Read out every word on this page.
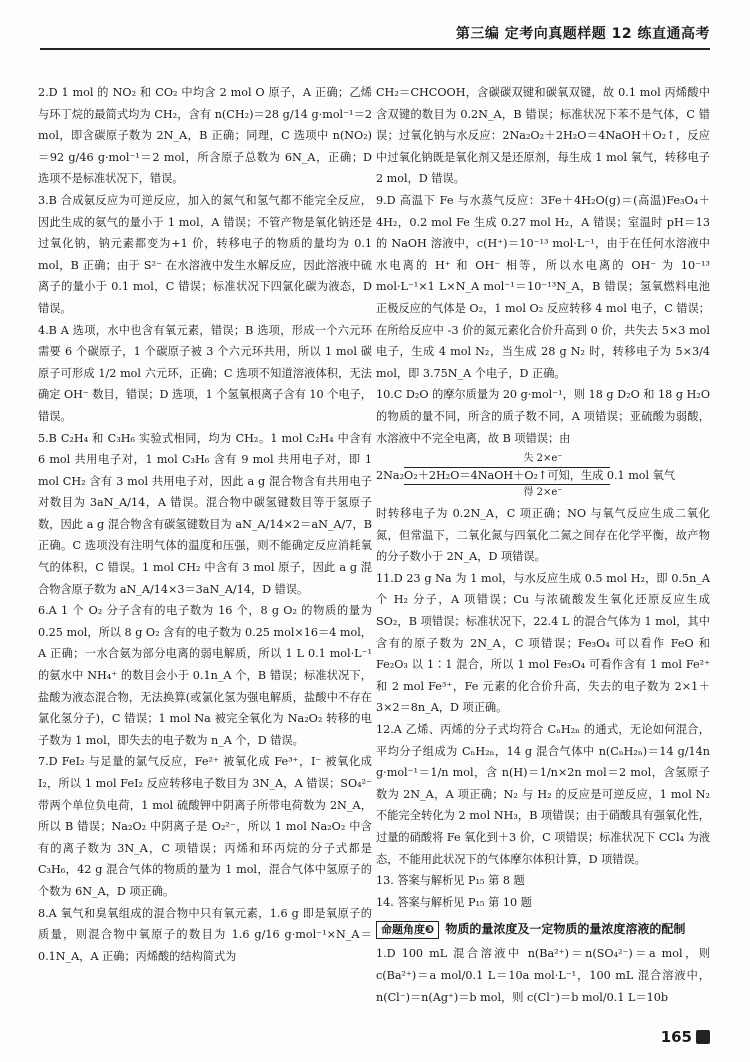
第三编 定考向真题样题 12 练直通高考

2.D 1 mol 的 NO₂ 和 CO₂ 中均含 2 mol O 原子，A 正确；乙烯与环丁烷的最简式均为 CH₂，含有 n(CH₂)＝28 g/14 g·mol⁻¹＝2 mol，即含碳原子数为 2N_A，B 正确；同理，C 选项中 n(NO₂)＝92 g/46 g·mol⁻¹＝2 mol，所含原子总数为 6N_A，正确；D 选项不是标准状况下，错误。

3.B 合成氨反应为可逆反应，加入的氮气和氢气都不能完全反应，因此生成的氨气的量小于 1 mol，A 错误；不管产物是氧化钠还是过氧化钠，钠元素都变为+1 价，转移电子的物质的量均为 0.1 mol，B 正确；由于 S²⁻ 在水溶液中发生水解反应，因此溶液中硫离子的量小于 0.1 mol，C 错误；标准状况下四氯化碳为液态，D 错误。

4.B A 选项，水中也含有氧元素，错误；B 选项，形成一个六元环需要 6 个碳原子，1 个碳原子被 3 个六元环共用，所以 1 mol 碳原子可形成 1/2 mol 六元环，正确；C 选项不知道溶液体积，无法确定 OH⁻ 数目，错误；D 选项，1 个氢氧根离子含有 10 个电子，错误。

5.B C₂H₄ 和 C₃H₆ 实验式相同，均为 CH₂。1 mol C₂H₄ 中含有 6 mol 共用电子对，1 mol C₃H₆ 含有 9 mol 共用电子对，即 1 mol CH₂ 含有 3 mol 共用电子对，因此 a g 混合物含有共用电子对数目为 3aN_A/14，A 错误。混合物中碳氢键数目等于氢原子数，因此 a g 混合物含有碳氢键数目为 aN_A/14×2＝aN_A/7，B 正确。C 选项没有注明气体的温度和压强，则不能确定反应消耗氧气的体积，C 错误。1 mol CH₂ 中含有 3 mol 原子，因此 a g 混合物含原子数为 aN_A/14×3＝3aN_A/14，D 错误。

6.A 1 个 O₂ 分子含有的电子数为 16 个，8 g O₂ 的物质的量为 0.25 mol，所以 8 g O₂ 含有的电子数为 0.25 mol×16＝4 mol，A 正确；一水合氨为部分电离的弱电解质，所以 1 L 0.1 mol·L⁻¹ 的氨水中 NH₄⁺ 的数目会小于 0.1n_A 个，B 错误；标准状况下，盐酸为液态混合物，无法换算(或氯化氢为强电解质，盐酸中不存在氯化氢分子)，C 错误；1 mol Na 被完全氧化为 Na₂O₂ 转移的电子数为 1 mol，即失去的电子数为 n_A 个，D 错误。

7.D FeI₂ 与足量的氯气反应，Fe²⁺ 被氧化成 Fe³⁺，I⁻ 被氧化成 I₂，所以 1 mol FeI₂ 反应转移电子数目为 3N_A，A 错误；SO₄²⁻ 带两个单位负电荷，1 mol 硫酸钾中阴离子所带电荷数为 2N_A，所以 B 错误；Na₂O₂ 中阴离子是 O₂²⁻，所以 1 mol Na₂O₂ 中含有的离子数为 3N_A，C 项错误；丙烯和环丙烷的分子式都是 C₃H₆，42 g 混合气体的物质的量为 1 mol，混合气体中氢原子的个数为 6N_A，D 项正确。

8.A 氧气和臭氧组成的混合物中只有氧元素，1.6 g 即是氧原子的质量，则混合物中氧原子的数目为 1.6 g/16 g·mol⁻¹×N_A＝0.1N_A，A 正确；丙烯酸的结构简式为

CH₂＝CHCOOH，含碳碳双键和碳氧双键，故 0.1 mol 丙烯酸中含双键的数目为 0.2N_A，B 错误；标准状况下苯不是气体，C 错误；过氧化钠与水反应：2Na₂O₂＋2H₂O＝4NaOH＋O₂↑，反应中过氧化钠既是氧化剂又是还原剂，每生成 1 mol 氧气，转移电子 2 mol，D 错误。

9.D 高温下 Fe 与水蒸气反应：3Fe＋4H₂O(g)＝(高温)Fe₃O₄＋4H₂，0.2 mol Fe 生成 0.27 mol H₂，A 错误；室温时 pH＝13 的 NaOH 溶液中，c(H⁺)＝10⁻¹³ mol·L⁻¹，由于在任何水溶液中水电离的 H⁺ 和 OH⁻ 相等，所以水电离的 OH⁻ 为 10⁻¹³ mol·L⁻¹×1 L×N_A mol⁻¹＝10⁻¹³N_A，B 错误；氢氧燃料电池正极反应的气体是 O₂，1 mol O₂ 反应转移 4 mol 电子，C 错误；在所给反应中 -3 价的氮元素化合价升高到 0 价，共失去 5×3 mol 电子，生成 4 mol N₂，当生成 28 g N₂ 时，转移电子为 5×3/4 mol，即 3.75N_A 个电子，D 正确。

10.C D₂O 的摩尔质量为 20 g·mol⁻¹，则 18 g D₂O 和 18 g H₂O 的物质的量不同，所含的质子数不同，A 项错误；亚硫酸为弱酸，水溶液中不完全电离，故 B 项错误；由

失 2×e⁻
2Na₂O₂＋2H₂O＝4NaOH＋O₂↑可知，生成 0.1 mol 氧气
得 2×e⁻

时转移电子为 0.2N_A，C 项正确；NO 与氧气反应生成二氧化氮，但常温下，二氧化氮与四氧化二氮之间存在化学平衡，故产物的分子数小于 2N_A，D 项错误。

11.D 23 g Na 为 1 mol，与水反应生成 0.5 mol H₂，即 0.5n_A 个 H₂ 分子，A 项错误；Cu 与浓硫酸发生氧化还原反应生成 SO₂，B 项错误；标准状况下，22.4 L 的混合气体为 1 mol，其中含有的原子数为 2N_A，C 项错误；Fe₃O₄ 可以看作 FeO 和 Fe₂O₃ 以 1∶1 混合，所以 1 mol Fe₃O₄ 可看作含有 1 mol Fe²⁺ 和 2 mol Fe³⁺，Fe 元素的化合价升高，失去的电子数为 2×1＋3×2＝8n_A，D 项正确。

12.A 乙烯、丙烯的分子式均符合 CₙH₂ₙ 的通式，无论如何混合，平均分子组成为 CₙH₂ₙ，14 g 混合气体中 n(CₙH₂ₙ)＝14 g/14n g·mol⁻¹＝1/n mol，含 n(H)＝1/n×2n mol＝2 mol，含氢原子数为 2N_A，A 项正确；N₂ 与 H₂ 的反应是可逆反应，1 mol N₂ 不能完全转化为 2 mol NH₃，B 项错误；由于硝酸具有强氧化性，过量的硝酸将 Fe 氧化到＋3 价，C 项错误；标准状况下 CCl₄ 为液态，不能用此状况下的气体摩尔体积计算，D 项错误。

13. 答案与解析见 P₁₅ 第 8 题

14. 答案与解析见 P₁₅ 第 10 题

命题角度❸ 物质的量浓度及一定物质的量浓度溶液的配制

1.D 100 mL 混合溶液中 n(Ba²⁺)＝n(SO₄²⁻)＝a mol，则 c(Ba²⁺)＝a mol/0.1 L＝10a mol·L⁻¹，100 mL 混合溶液中，n(Cl⁻)＝n(Ag⁺)＝b mol，则 c(Cl⁻)＝b mol/0.1 L＝10b

165
